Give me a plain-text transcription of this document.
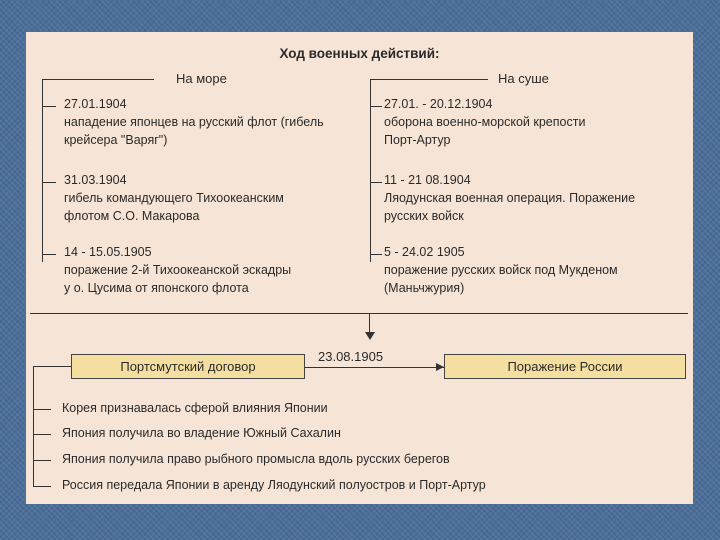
Ход военных действий:
На море
27.01.1904
нападение японцев на русский флот (гибель
крейсера "Варяг")
31.03.1904
гибель командующего Тихоокеанским
флотом С.О. Макарова
14 - 15.05.1905
поражение 2-й Тихоокеанской эскадры
у о. Цусима от японского флота
На суше
27.01. - 20.12.1904
оборона военно-морской крепости
Порт-Артур
11 - 21 08.1904
Ляодунская военная операция. Поражение
русских войск
5 - 24.02 1905
поражение русских войск под Мукденом
(Маньчжурия)
23.08.1905
Портсмутский договор	Поражение России
Корея признавалась сферой влияния Японии
Япония получила во владение Южный Сахалин
Япония получила право рыбного промысла вдоль русских берегов
Россия передала Японии в аренду Ляодунский полуостров и Порт-Артур
